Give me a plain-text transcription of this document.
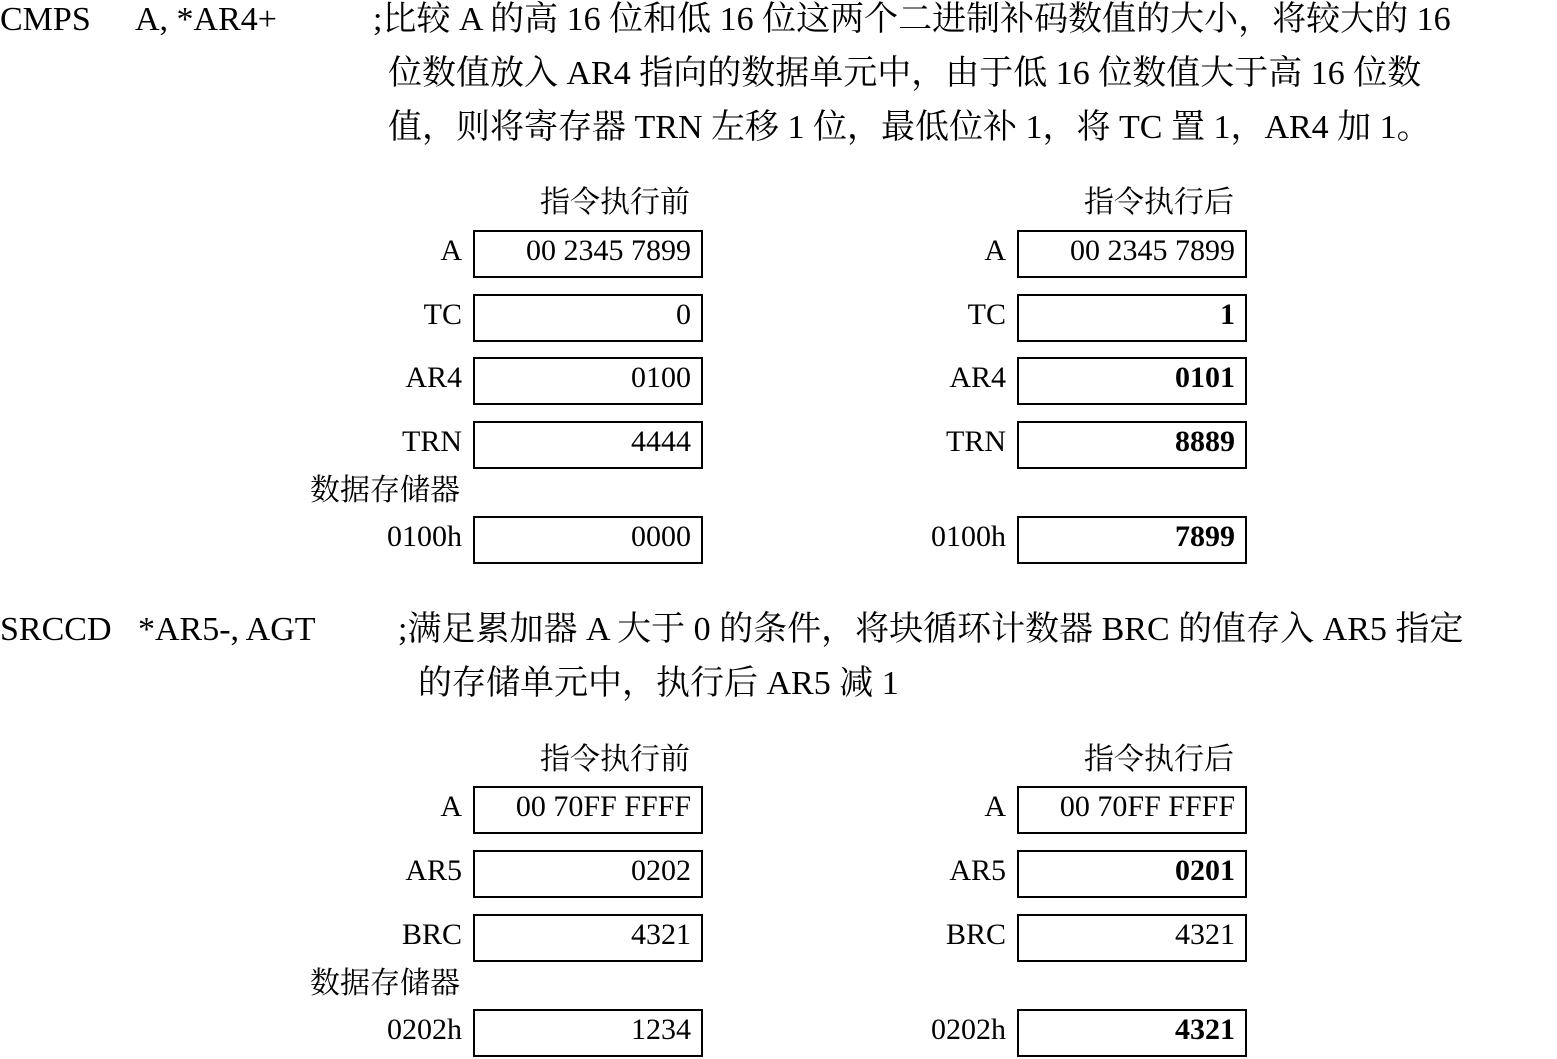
CMPS A, *AR4+	;比较 A 的高 16 位和低 16 位这两个二进制补码数值的大小，将较大的 16
位数值放入 AR4 指向的数据单元中，由于低 16 位数值大于高 16 位数
值，则将寄存器 TRN 左移 1 位，最低位补 1，将 TC 置 1，AR4 加 1。
指令执行前	指令执行后
A	00 2345 7899	A	00 2345 7899
TC	0	TC	1
AR4	0100	AR4	0101
TRN	4444	TRN	8889
数据存储器
0100h	0000	0100h	7899
SRCCD *AR5-, AGT ;满足累加器 A 大于 0 的条件，将块循环计数器 BRC 的值存入 AR5 指定
的存储单元中，执行后 AR5 减 1
指令执行前	指令执行后
A	00 70FF FFFF	A	00 70FF FFFF
AR5	0202	AR5	0201
BRC	4321	BRC	4321
数据存储器
0202h	1234	0202h	4321
